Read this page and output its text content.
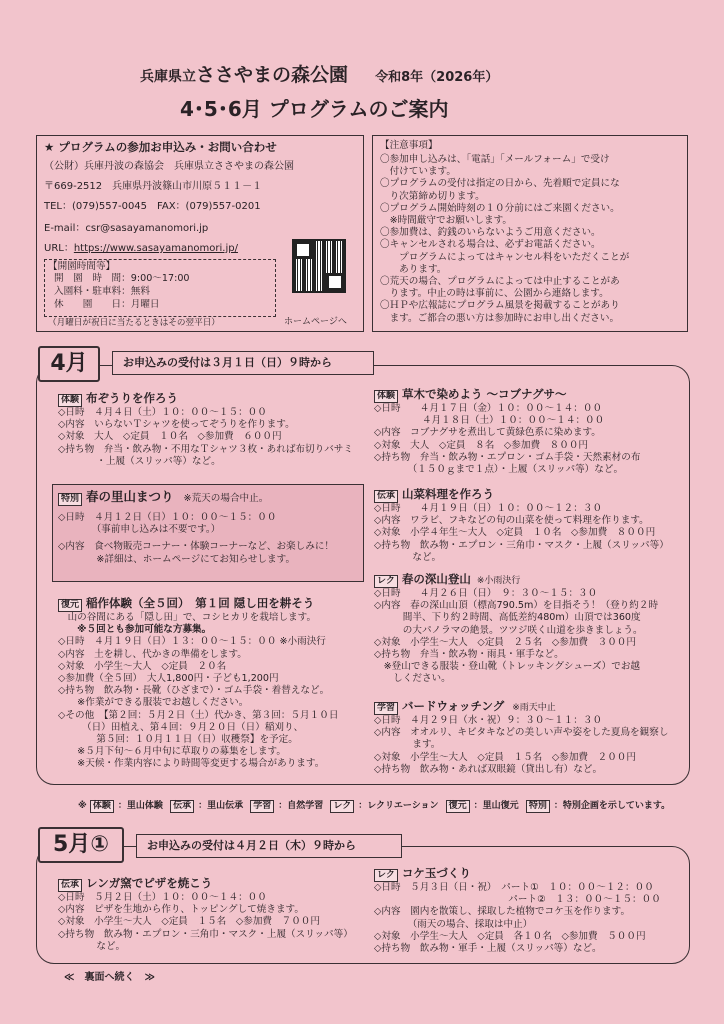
兵庫県立ささやまの森公園 令和8年（2026年）
4･5･6月 プログラムのご案内
★ プログラムの参加お申込み・お問い合わせ
（公財）兵庫丹波の森協会　兵庫県立ささやまの森公園
〒669-2512　兵庫県丹波篠山市川原５１１－１
TEL：(079)557-0045　FAX：(079)557-0201
E-mail：csr@sasayamanomori.jp
URL：https://www.sasayamanomori.jp/
【開園時間等】
開　園　時　間：9:00～17:00
入園料・駐車料：無料
休　　園　　日：月曜日
（月曜日が祝日に当たるときはその翌平日）	ホームページへ
【注意事項】
〇参加申し込みは、「電話」「メールフォーム」で受け
　付けています。
〇プログラムの受付は指定の日から、先着順で定員にな
　り次第締め切ります。
〇プログラム開始時刻の１０分前にはご来園ください。
　※時間厳守でお願いします。
〇参加費は、釣銭のいらないようご用意ください。
〇キャンセルされる場合は、必ずお電話ください。
　　プログラムによってはキャンセル料をいただくことが
　　あります。
〇荒天の場合、プログラムによっては中止することがあ
　ります。中止の時は事前に、公園から連絡します。
〇ＨＰや広報誌にプログラム風景を掲載することがあり
　ます。ご都合の悪い方は参加時にお申し出ください。
4月	お申込みの受付は３月１日（日）９時から
体験 布ぞうりを作ろう
◇日時　４月４日（土）１０：００～１５：００
◇内容　いらないＴシャツを使ってぞうりを作ります。
◇対象　大人　◇定員　１０名　◇参加費　６００円
◇持ち物　弁当・飲み物・不用なＴシャツ３枚・あれば布切りバサミ
　　　　・上履（スリッパ等）など。
特別 春の里山まつり ※荒天の場合中止。
◇日時　４月１２日（日）１０：００～１５：００
　　　　（事前申し込みは不要です。）
◇内容　食べ物販売コーナー・体験コーナーなど、お楽しみに！
　　　　※詳細は、ホームページにてお知らせします。
復元 稲作体験（全５回）　第１回 隠し田を耕そう
　山の谷間にある「隠し田」で、コシヒカリを栽培します。
　　※５回とも参加可能な方募集。
◇日時　４月１９日（日）１３：００～１５：００ ※小雨決行
◇内容　土を耕し、代かきの準備をします。
◇対象　小学生～大人　◇定員　２０名
◇参加費（全５回）　大人1,800円・子ども1,200円
◇持ち物　飲み物・長靴（ひざまで）・ゴム手袋・着替えなど。
　　※作業ができる服装でお越しください。
◇その他　【第２回：５月２日（土）代かき、第３回：５月１０日
　　　（日）田植え、第４回：９月２０日（日）稲刈り、
　　　　第５回：１０月１１日（日）収穫祭】を予定。
　　※５月下旬～６月中旬に草取りの募集をします。
　　※天候・作業内容により時間等変更する場合があります。
体験 草木で染めよう ～コブナグサ～
◇日時　　４月１７日（金）１０：００～１４：００
　　　　　４月１８日（土）１０：００～１４：００
◇内容　コブナグサを煮出して黄緑色系に染めます。
◇対象　大人　◇定員　８名　◇参加費　８００円
◇持ち物　弁当・飲み物・エプロン・ゴム手袋・天然素材の布
　　　　（１５０ｇまで１点）・上履（スリッパ等）など。
伝承 山菜料理を作ろう
◇日時　　４月１９日（日）１０：００～１２：３０
◇内容　ワラビ、フキなどの旬の山菜を使って料理を作ります。
◇対象　小学４年生～大人　◇定員　１０名　◇参加費　８００円
◇持ち物　飲み物・エプロン・三角巾・マスク・上履（スリッパ等）
　　　　など。
レク 春の深山登山 ※小雨決行
◇日時　　４月２６日（日）　９：３０～１５：３０
◇内容　春の深山山頂（標高790.5m）を目指そう！（登り約２時
　　　間半、下り約２時間、高低差約480m）山頂では360度
　　　の大パノラマの絶景。ツツジ咲く山道を歩きましょう。
◇対象　小学生～大人　◇定員　２５名　◇参加費　３００円
◇持ち物　弁当・飲み物・雨具・軍手など。
　※登山できる服装・登山靴（トレッキングシューズ）でお越
　　しください。
学習 バードウォッチング ※雨天中止
◇日時　４月２９日（水・祝）９：３０～１１：３０
◇内容　オオルリ、キビタキなどの美しい声や姿をした夏鳥を観察し
　　　　ます。
◇対象　小学生～大人　◇定員　１５名　◇参加費　２００円
◇持ち物　飲み物・あれば双眼鏡（貸出し有）など。
※ 体験 ：里山体験 伝承 ：里山伝承 学習 ：自然学習 レク ：レクリエーション 復元 ：里山復元 特別 ：特別企画を示しています。
5月①	お申込みの受付は４月２日（木）９時から
伝承 レンガ窯でピザを焼こう
◇日時　５月２日（土）１０：００～１４：００
◇内容　ピザを生地から作り、トッピングして焼きます。
◇対象　小学生～大人　◇定員　１５名　◇参加費　７００円
◇持ち物　飲み物・エプロン・三角巾・マスク・上履（スリッパ等）
　　　　など。
レク コケ玉づくり
◇日時　５月３日（日・祝）　パート①　１０：００～１２：００
　　　　　　　　　　　　　　パート②　１３：００～１５：００
◇内容　園内を散策し、採取した植物でコケ玉を作ります。
　　　　（雨天の場合、採取は中止）
◇対象　小学生～大人　◇定員　各１０名　◇参加費　５００円
◇持ち物　飲み物・軍手・上履（スリッパ等）など。
≪　裏面へ続く　≫
